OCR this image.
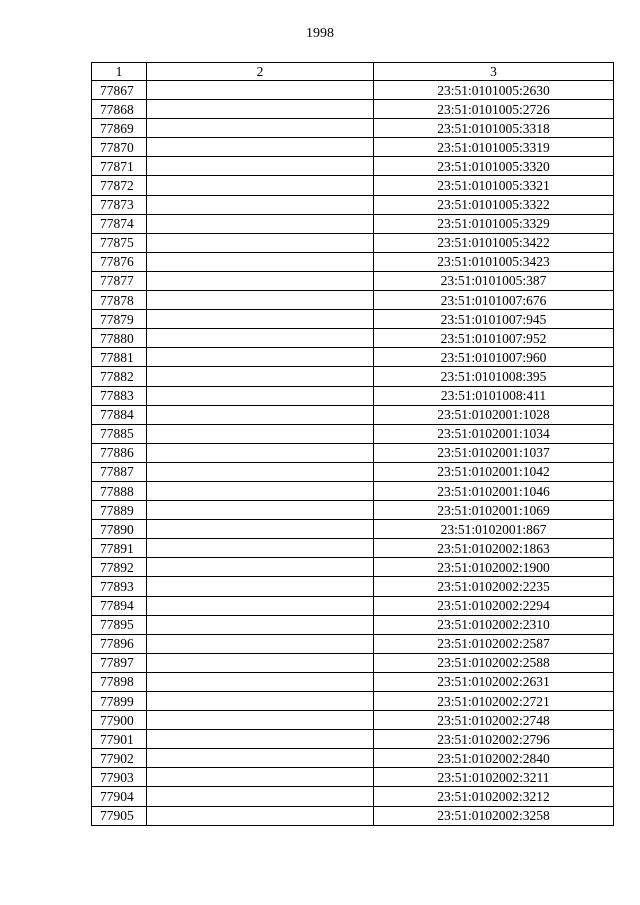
1998
1	2	3
77867		23:51:0101005:2630
77868		23:51:0101005:2726
77869		23:51:0101005:3318
77870		23:51:0101005:3319
77871		23:51:0101005:3320
77872		23:51:0101005:3321
77873		23:51:0101005:3322
77874		23:51:0101005:3329
77875		23:51:0101005:3422
77876		23:51:0101005:3423
77877		23:51:0101005:387
77878		23:51:0101007:676
77879		23:51:0101007:945
77880		23:51:0101007:952
77881		23:51:0101007:960
77882		23:51:0101008:395
77883		23:51:0101008:411
77884		23:51:0102001:1028
77885		23:51:0102001:1034
77886		23:51:0102001:1037
77887		23:51:0102001:1042
77888		23:51:0102001:1046
77889		23:51:0102001:1069
77890		23:51:0102001:867
77891		23:51:0102002:1863
77892		23:51:0102002:1900
77893		23:51:0102002:2235
77894		23:51:0102002:2294
77895		23:51:0102002:2310
77896		23:51:0102002:2587
77897		23:51:0102002:2588
77898		23:51:0102002:2631
77899		23:51:0102002:2721
77900		23:51:0102002:2748
77901		23:51:0102002:2796
77902		23:51:0102002:2840
77903		23:51:0102002:3211
77904		23:51:0102002:3212
77905		23:51:0102002:3258
